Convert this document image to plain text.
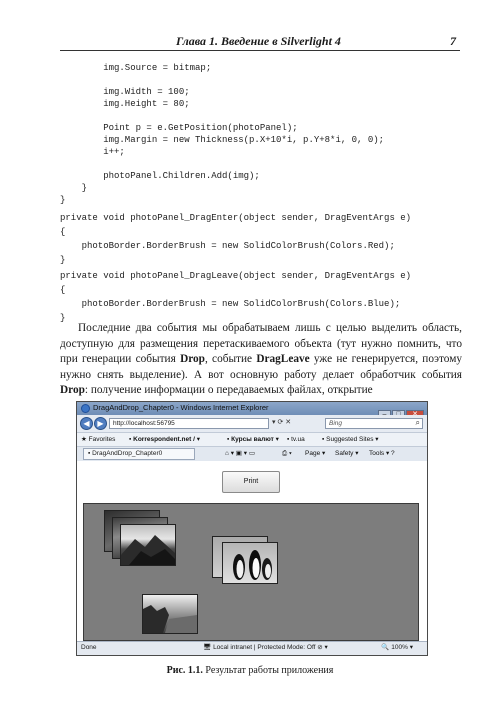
Глава 1. Введение в Silverlight 4	7
img.Source = bitmap;
img.Width = 100;
img.Height = 80;
Point p = e.GetPosition(photoPanel);
img.Margin = new Thickness(p.X+10*i, p.Y+8*i, 0, 0);
i++;
photoPanel.Children.Add(img);
}
}
private void photoPanel_DragEnter(object sender, DragEventArgs e)
{
photoBorder.BorderBrush = new SolidColorBrush(Colors.Red);
}
private void photoPanel_DragLeave(object sender, DragEventArgs e)
{
photoBorder.BorderBrush = new SolidColorBrush(Colors.Blue);
}

Последние два события мы обрабатываем лишь с целью выделить область, доступную для размещения перетаскиваемого объекта (тут нужно помнить, что при генерации события Drop, событие DragLeave уже не генерируется, поэтому нужно снять выделение). А вот основную работу делает обработчик события Drop: получение информации о передаваемых файлах, открытие

DragAndDrop_Chapter0 - Windows Internet Explorer
◀ ▶	http://localhost:56795	▾ ⟳ ✕	Bing	⌕
★ Favorites ▪ Korrespondent.net / ▾	▪ Курсы валют ▾ ▪ tv.ua	▪ Suggested Sites ▾
▪ DragAndDrop_Chapter0	⌂ ▾ ▣ ▾ ▭	⎙ ▾ Page ▾ Safety ▾ Tools ▾ ?
Print
Done	🖥 Local intranet | Protected Mode: Off ⊘ ▾	🔍 100% ▾
Рис. 1.1. Результат работы приложения
